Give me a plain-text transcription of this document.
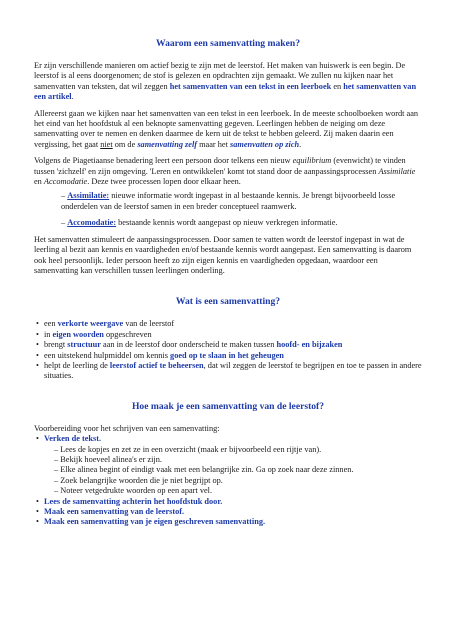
Waarom een samenvatting maken?

Er zijn verschillende manieren om actief bezig te zijn met de leerstof. Het maken van huiswerk is een begin. De leerstof is al eens doorgenomen; de stof is gelezen en opdrachten zijn gemaakt. We zullen nu kijken naar het samenvatten van teksten, dat wil zeggen het samenvatten van een tekst in een leerboek en het samenvatten van een artikel.

Allereerst gaan we kijken naar het samenvatten van een tekst in een leerboek. In de meeste schoolboeken wordt aan het eind van het hoofdstuk al een beknopte samenvatting gegeven. Leerlingen hebben de neiging om deze samenvatting over te nemen en denken daarmee de kern uit de tekst te hebben geleerd. Zij maken daarin een vergissing, het gaat niet om de samenvatting zelf maar het samenvatten op zich.

Volgens de Piagetiaanse benadering leert een persoon door telkens een nieuw equilibrium (evenwicht) te vinden tussen 'zichzelf' en zijn omgeving. 'Leren en ontwikkelen' komt tot stand door de aanpassingsprocessen Assimilatie en Accomodatie. Deze twee processen lopen door elkaar heen.

– Assimilatie: nieuwe informatie wordt ingepast in al bestaande kennis. Je brengt bijvoorbeeld losse onderdelen van de leerstof samen in een breder conceptueel raamwerk.

– Accomodatie: bestaande kennis wordt aangepast op nieuw verkregen informatie.

Het samenvatten stimuleert de aanpassingsprocessen. Door samen te vatten wordt de leerstof ingepast in wat de leerling al bezit aan kennis en vaardigheden en/of bestaande kennis wordt aangepast. Een samenvatting is daarom ook heel persoonlijk. Ieder persoon heeft zo zijn eigen kennis en vaardigheden opgedaan, waardoor een samenvatting kan verschillen tussen leerlingen onderling.

Wat is een samenvatting?
• een verkorte weergave van de leerstof
• in eigen woorden opgeschreven
• brengt structuur aan in de leerstof door onderscheid te maken tussen hoofd- en bijzaken
• een uitstekend hulpmiddel om kennis goed op te slaan in het geheugen
• helpt de leerling de leerstof actief te beheersen, dat wil zeggen de leerstof te begrijpen en toe te passen in andere situaties.
Hoe maak je een samenvatting van de leerstof?

Voorbereiding voor het schrijven van een samenvatting:

• Verken de tekst.
– Lees de kopjes en zet ze in een overzicht (maak er bijvoorbeeld een rijtje van).
– Bekijk hoeveel alinea's er zijn.
– Elke alinea begint of eindigt vaak met een belangrijke zin. Ga op zoek naar deze zinnen.
– Zoek belangrijke woorden die je niet begrijpt op.
– Noteer vetgedrukte woorden op een apart vel.
• Lees de samenvatting achterin het hoofdstuk door.
• Maak een samenvatting van de leerstof.
• Maak een samenvatting van je eigen geschreven samenvatting.
